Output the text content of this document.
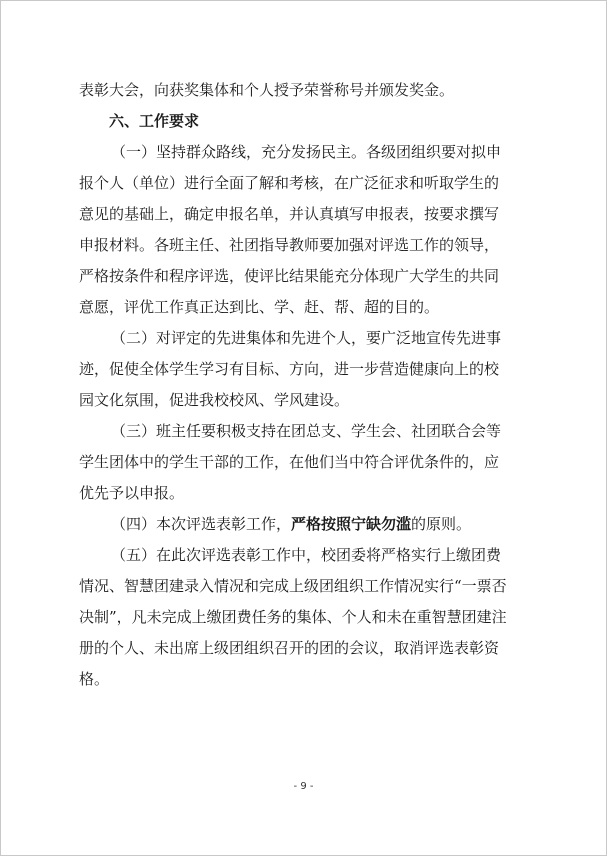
表彰大会，向获奖集体和个人授予荣誉称号并颁发奖金。
六、工作要求
（一）坚持群众路线，充分发扬民主。各级团组织要对拟申
报个人（单位）进行全面了解和考核，在广泛征求和听取学生的
意见的基础上，确定申报名单，并认真填写申报表，按要求撰写
申报材料。各班主任、社团指导教师要加强对评选工作的领导，
严格按条件和程序评选，使评比结果能充分体现广大学生的共同
意愿，评优工作真正达到比、学、赶、帮、超的目的。
（二）对评定的先进集体和先进个人，要广泛地宣传先进事
迹，促使全体学生学习有目标、方向，进一步营造健康向上的校
园文化氛围，促进我校校风、学风建设。
（三）班主任要积极支持在团总支、学生会、社团联合会等
学生团体中的学生干部的工作，在他们当中符合评优条件的，应
优先予以申报。
（四）本次评选表彰工作，严格按照宁缺勿滥的原则。
（五）在此次评选表彰工作中，校团委将严格实行上缴团费
情况、智慧团建录入情况和完成上级团组织工作情况实行“一票否
决制”，凡未完成上缴团费任务的集体、个人和未在重智慧团建注
册的个人、未出席上级团组织召开的团的会议，取消评选表彰资
格。
- 9 -
